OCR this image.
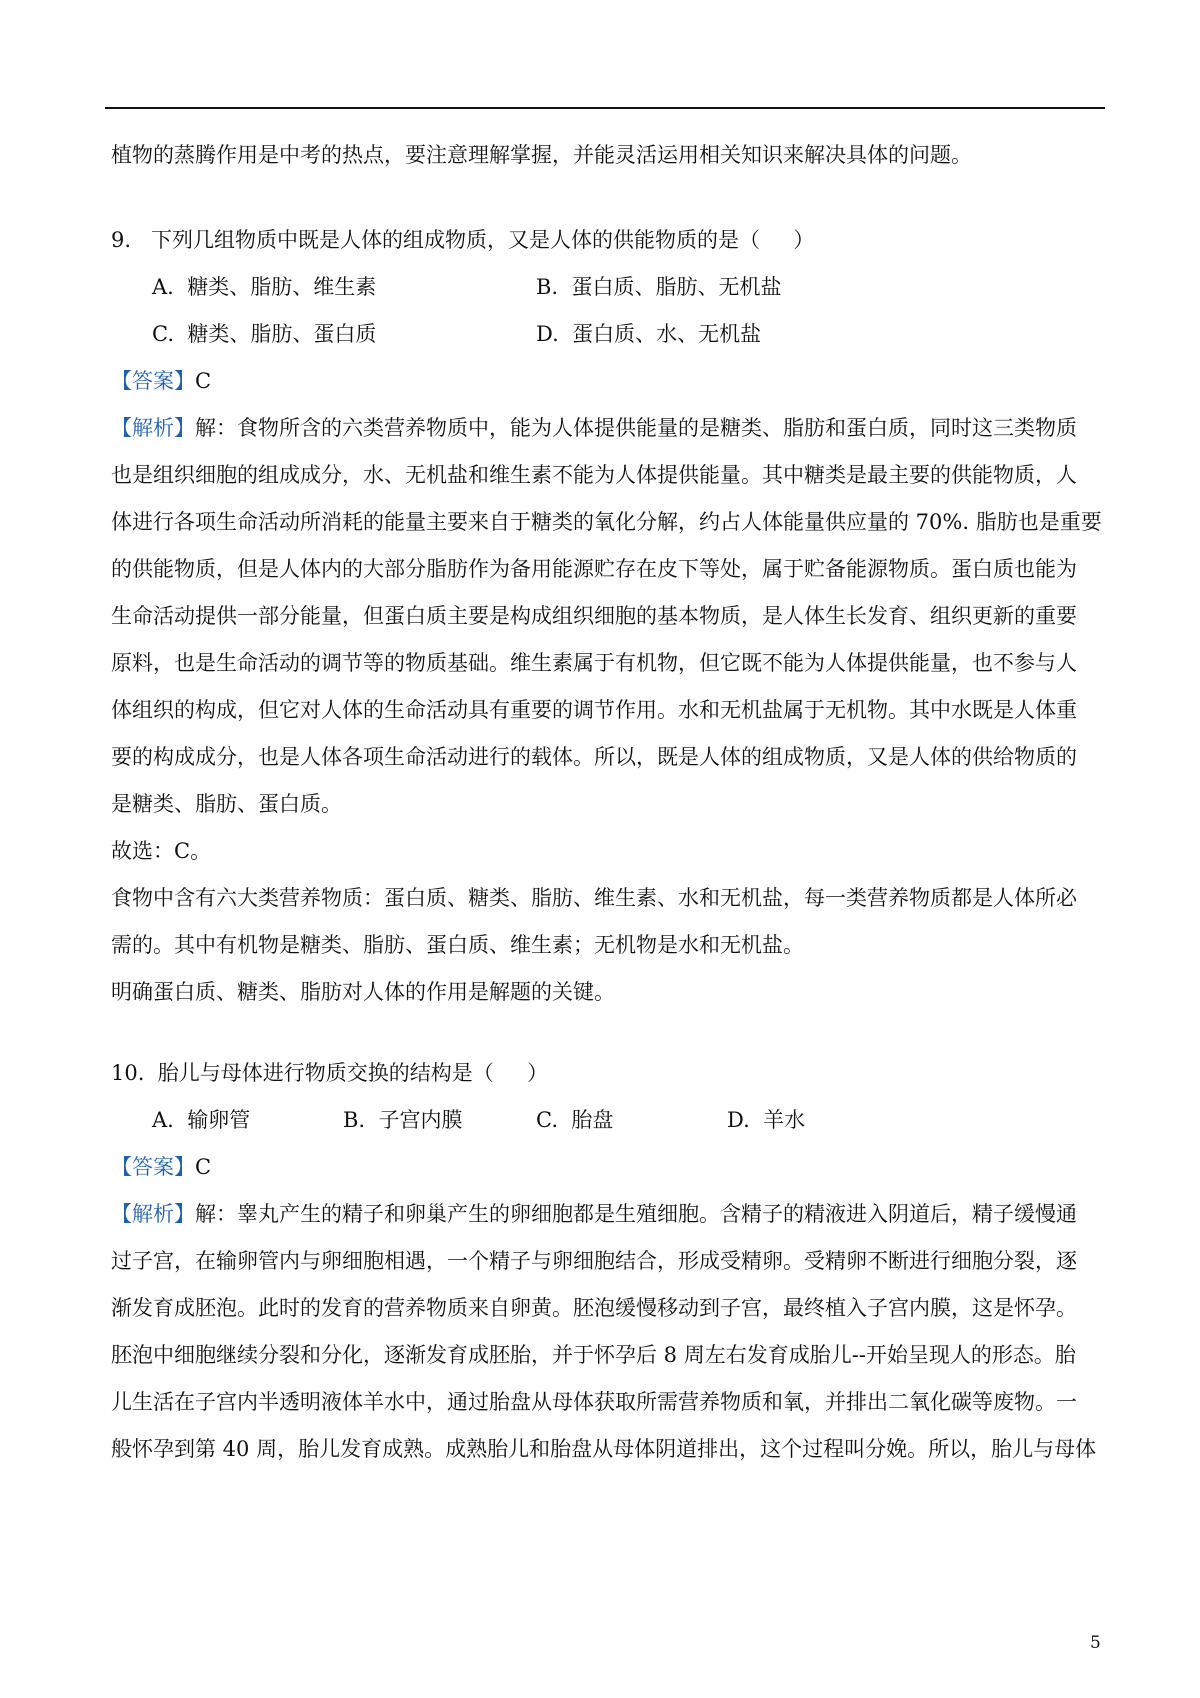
植物的蒸腾作用是中考的热点，要注意理解掌握，并能灵活运用相关知识来解决具体的问题。
9.   下列几组物质中既是人体的组成物质，又是人体的供能物质的是（     ）
A.  糖类、脂肪、维生素	B.  蛋白质、脂肪、无机盐
C.  糖类、脂肪、蛋白质	D.  蛋白质、水、无机盐
【答案】C
【解析】解：食物所含的六类营养物质中，能为人体提供能量的是糖类、脂肪和蛋白质，同时这三类物质
也是组织细胞的组成成分，水、无机盐和维生素不能为人体提供能量。其中糖类是最主要的供能物质，人
体进行各项生命活动所消耗的能量主要来自于糖类的氧化分解，约占人体能量供应量的 70%. 脂肪也是重要
的供能物质，但是人体内的大部分脂肪作为备用能源贮存在皮下等处，属于贮备能源物质。蛋白质也能为
生命活动提供一部分能量，但蛋白质主要是构成组织细胞的基本物质，是人体生长发育、组织更新的重要
原料，也是生命活动的调节等的物质基础。维生素属于有机物，但它既不能为人体提供能量，也不参与人
体组织的构成，但它对人体的生命活动具有重要的调节作用。水和无机盐属于无机物。其中水既是人体重
要的构成成分，也是人体各项生命活动进行的载体。所以，既是人体的组成物质，又是人体的供给物质的
是糖类、脂肪、蛋白质。
故选：C。
食物中含有六大类营养物质：蛋白质、糖类、脂肪、维生素、水和无机盐，每一类营养物质都是人体所必
需的。其中有机物是糖类、脂肪、蛋白质、维生素；无机物是水和无机盐。
明确蛋白质、糖类、脂肪对人体的作用是解题的关键。
10.  胎儿与母体进行物质交换的结构是（     ）
A.  输卵管	B.  子宫内膜	C.  胎盘	D.  羊水
【答案】C
【解析】解：睾丸产生的精子和卵巢产生的卵细胞都是生殖细胞。含精子的精液进入阴道后，精子缓慢通
过子宫，在输卵管内与卵细胞相遇，一个精子与卵细胞结合，形成受精卵。受精卵不断进行细胞分裂，逐
渐发育成胚泡。此时的发育的营养物质来自卵黄。胚泡缓慢移动到子宫，最终植入子宫内膜，这是怀孕。
胚泡中细胞继续分裂和分化，逐渐发育成胚胎，并于怀孕后 8 周左右发育成胎儿--开始呈现人的形态。胎
儿生活在子宫内半透明液体羊水中，通过胎盘从母体获取所需营养物质和氧，并排出二氧化碳等废物。一
般怀孕到第 40 周，胎儿发育成熟。成熟胎儿和胎盘从母体阴道排出，这个过程叫分娩。所以，胎儿与母体
5
